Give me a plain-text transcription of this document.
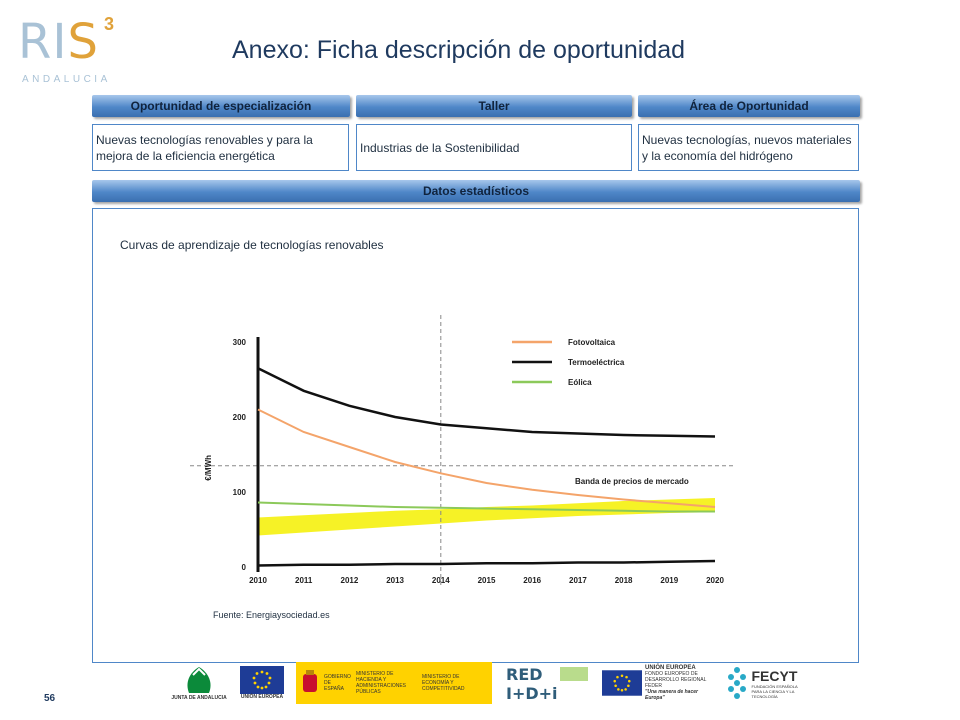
RIS 3
ANDALUCIA
Anexo: Ficha descripción de oportunidad
Oportunidad de especialización	Taller	Área de Oportunidad
Nuevas tecnologías renovables y para la mejora de la eficiencia energética
Industrias de la Sostenibilidad
Nuevas tecnologías, nuevos materiales y la economía del hidrógeno
Datos estadísticos
Curvas de aprendizaje de tecnologías renovables
0
100
200
300
2010	2011	2012	2013	2014	2015	2016	2017	2018	2019	2020
€/MWh
Fotovoltaica
Termoeléctrica
Eólica
Banda de precios de mercado
Fuente: Energiaysociedad.es
JUNTA DE ANDALUCIA	UNIÓN EUROPEA
GOBIERNO DE ESPAÑA
MINISTERIO DE HACIENDA Y ADMINISTRACIONES PÚBLICAS
MINISTERIO DE ECONOMÍA Y COMPETITIVIDAD
RED
I+D+i
UNIÓN EUROPEA
FONDO EUROPEO DE DESARROLLO REGIONAL FEDER
"Una manera de hacer Europa"
FECYT
FUNDACIÓN ESPAÑOLA PARA LA CIENCIA Y LA TECNOLOGÍA
56
